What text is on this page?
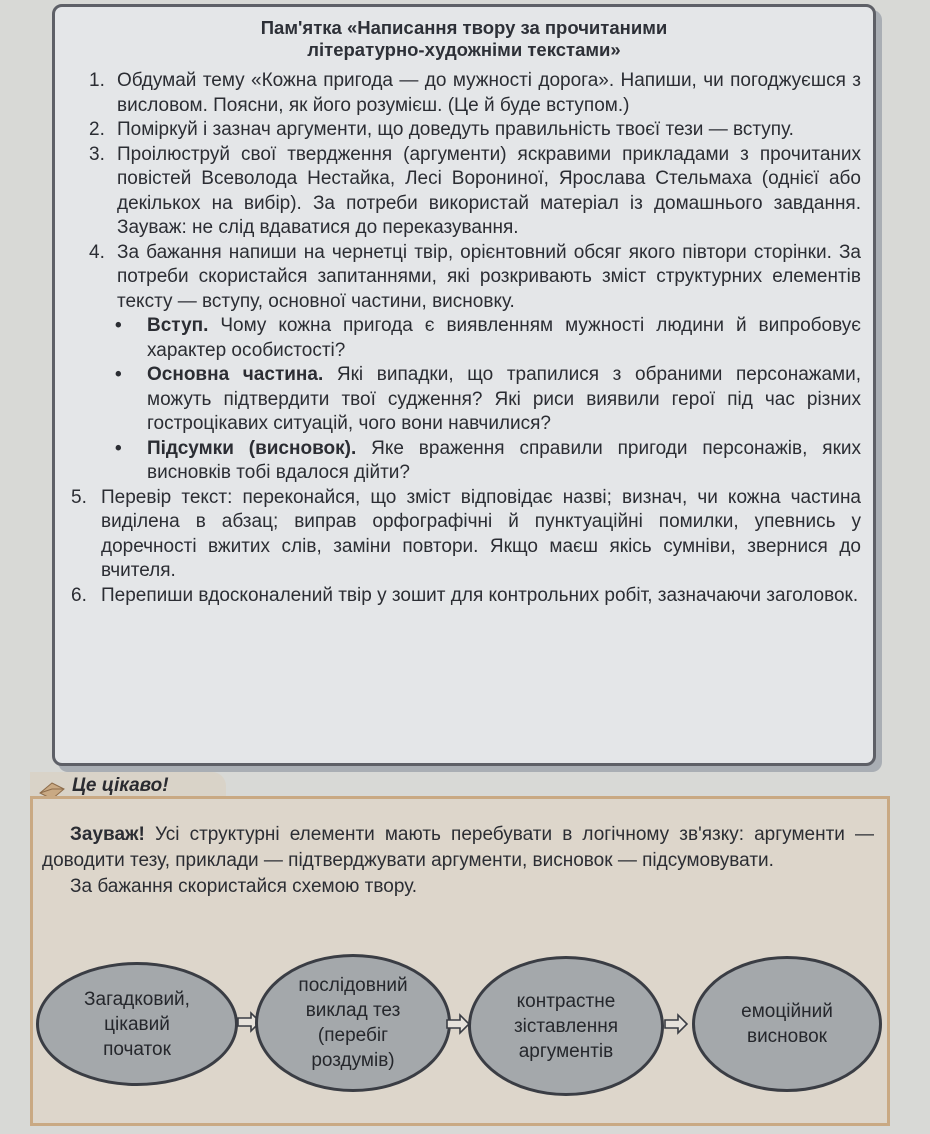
Пам'ятка «Написання твору за прочитаними
літературно-художніми текстами»
1. Обдумай тему «Кожна пригода — до мужності дорога». Напиши, чи погоджуєшся з висловом. Поясни, як його розумієш. (Це й буде вступом.)
2. Поміркуй і зазнач аргументи, що доведуть правильність твоєї тези — вступу.
3. Проілюструй свої твердження (аргументи) яскравими прикладами з прочитаних повістей Всеволода Нестайка, Лесі Ворониної, Ярослава Стельмаха (однієї або декількох на вибір). За потреби використай матеріал із домашнього завдання. Зауваж: не слід вдаватися до переказування.
4. За бажання напиши на чернетці твір, орієнтовний обсяг якого півтори сторінки. За потреби скористайся запитаннями, які розкривають зміст структурних елементів тексту — вступу, основної частини, висновку.
• Вступ. Чому кожна пригода є виявленням мужності людини й випробовує характер особистості?
• Основна частина. Які випадки, що трапилися з обраними персонажами, можуть підтвердити твої судження? Які риси виявили герої під час різних гостроцікавих ситуацій, чого вони навчилися?
• Підсумки (висновок). Яке враження справили пригоди персонажів, яких висновків тобі вдалося дійти?
5. Перевір текст: переконайся, що зміст відповідає назві; визнач, чи кожна частина виділена в абзац; виправ орфографічні й пунктуаційні помилки, упевнись у доречності вжитих слів, заміни повтори. Якщо маєш якісь сумніви, звернися до вчителя.
6. Перепиши вдосконалений твір у зошит для контрольних робіт, зазначаючи заголовок.
Це цікаво!

Зауваж! Усі структурні елементи мають перебувати в логічному зв'язку: аргументи — доводити тезу, приклади — підтверджувати аргументи, висновок — підсумовувати.

За бажання скористайся схемою твору.

Загадковий,
цікавий
початок
послідовний
виклад тез
(перебіг
роздумів)
контрастне
зіставлення
аргументів
емоційний
висновок
